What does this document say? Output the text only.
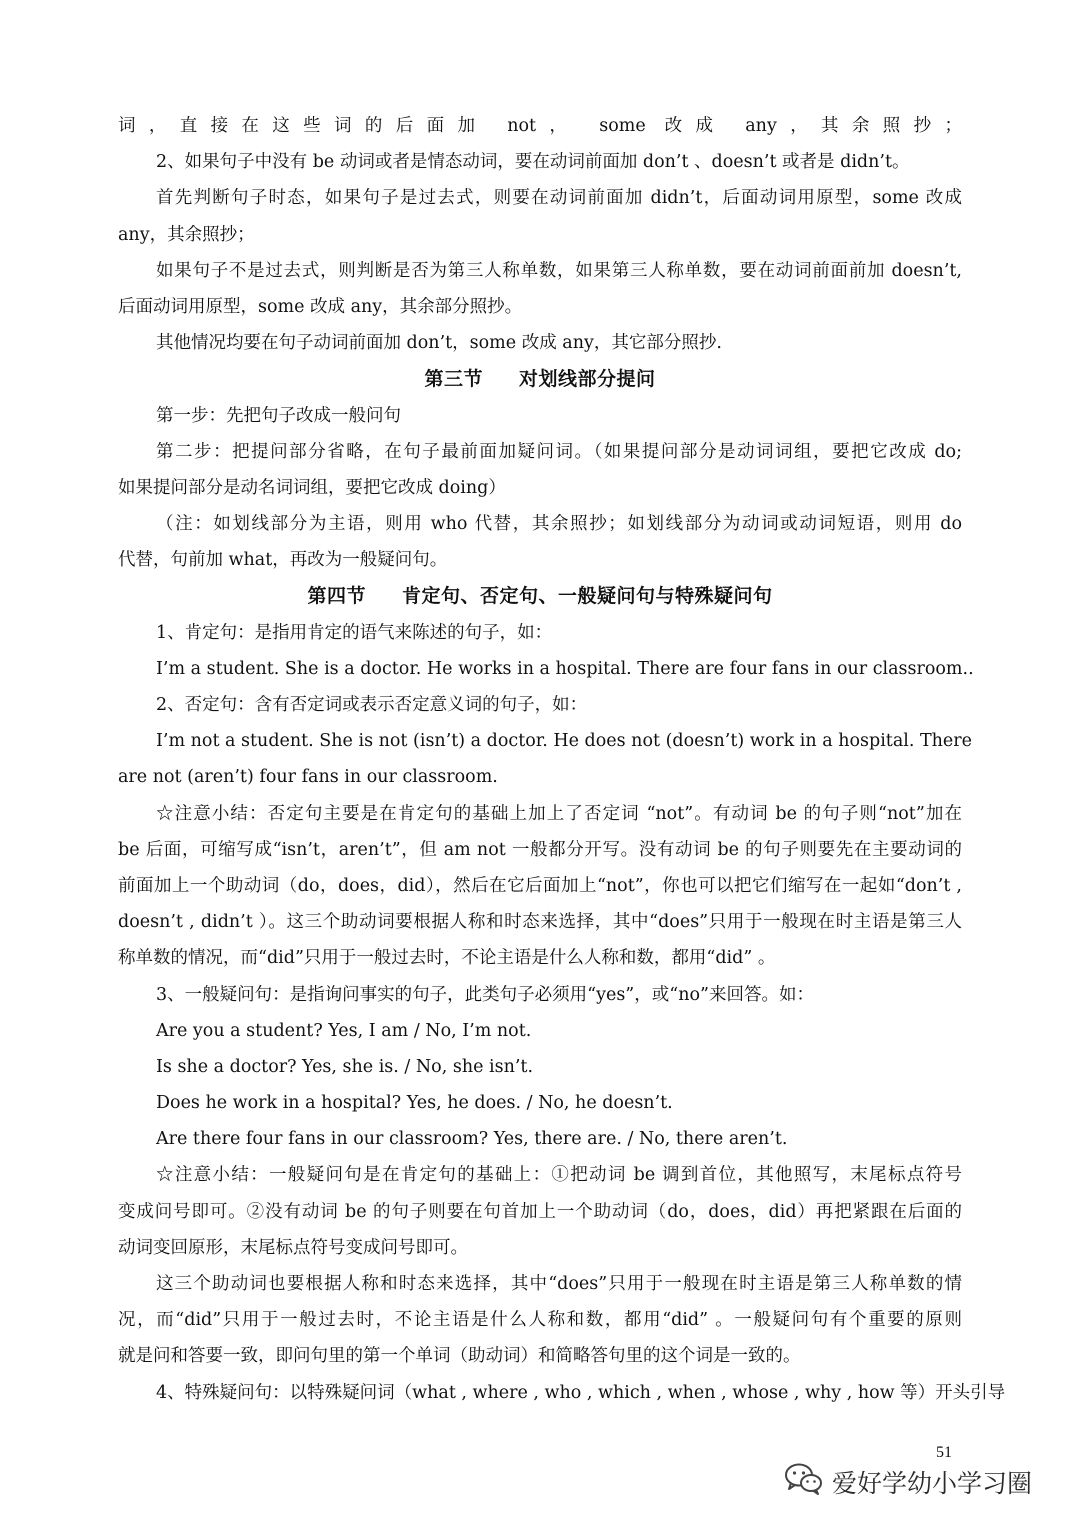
词，直接在这些词的后面加 not， some 改成 any，其余照抄；
2、如果句子中没有 be 动词或者是情态动词，要在动词前面加 don’t 、doesn’t 或者是 didn’t。
首先判断句子时态，如果句子是过去式，则要在动词前面加 didn’t，后面动词用原型，some 改成
any，其余照抄；
如果句子不是过去式，则判断是否为第三人称单数，如果第三人称单数，要在动词前面前加 doesn’t,
后面动词用原型，some 改成 any，其余部分照抄。
其他情况均要在句子动词前面加 don’t，some 改成 any，其它部分照抄.
第三节 对划线部分提问
第一步：先把句子改成一般问句
第二步：把提问部分省略，在句子最前面加疑问词。（如果提问部分是动词词组，要把它改成 do;
如果提问部分是动名词词组，要把它改成 doing）
（注：如划线部分为主语，则用 who 代替，其余照抄；如划线部分为动词或动词短语，则用 do
代替，句前加 what，再改为一般疑问句。
第四节 肯定句、否定句、一般疑问句与特殊疑问句
1、肯定句：是指用肯定的语气来陈述的句子，如：
I’m a student. She is a doctor. He works in a hospital. There are four fans in our classroom..
2、否定句：含有否定词或表示否定意义词的句子，如：
I’m not a student. She is not (isn’t) a doctor. He does not (doesn’t) work in a hospital. There
are not (aren’t) four fans in our classroom.
☆注意小结：否定句主要是在肯定句的基础上加上了否定词 “not”。有动词 be 的句子则“not”加在
be 后面，可缩写成“isn’t，aren’t”，但 am not 一般都分开写。没有动词 be 的句子则要先在主要动词的
前面加上一个助动词（do，does，did），然后在它后面加上“not”，你也可以把它们缩写在一起如“don’t ,
doesn’t , didn’t ）。这三个助动词要根据人称和时态来选择，其中“does”只用于一般现在时主语是第三人
称单数的情况，而“did”只用于一般过去时，不论主语是什么人称和数，都用“did” 。
3、一般疑问句：是指询问事实的句子，此类句子必须用“yes”，或“no”来回答。如：
Are you a student? Yes, I am / No, I’m not.
Is she a doctor? Yes, she is. / No, she isn’t.
Does he work in a hospital? Yes, he does. / No, he doesn’t.
Are there four fans in our classroom? Yes, there are. / No, there aren’t.
☆注意小结：一般疑问句是在肯定句的基础上：①把动词 be 调到首位，其他照写，末尾标点符号
变成问号即可。②没有动词 be 的句子则要在句首加上一个助动词（do，does，did）再把紧跟在后面的
动词变回原形，末尾标点符号变成问号即可。
这三个助动词也要根据人称和时态来选择，其中“does”只用于一般现在时主语是第三人称单数的情
况，而“did”只用于一般过去时，不论主语是什么人称和数，都用“did” 。一般疑问句有个重要的原则
就是问和答要一致，即问句里的第一个单词（助动词）和简略答句里的这个词是一致的。
4、特殊疑问句：以特殊疑问词（what , where , who , which , when , whose , why , how 等）开头引导
51
爱好学幼小学习圈
